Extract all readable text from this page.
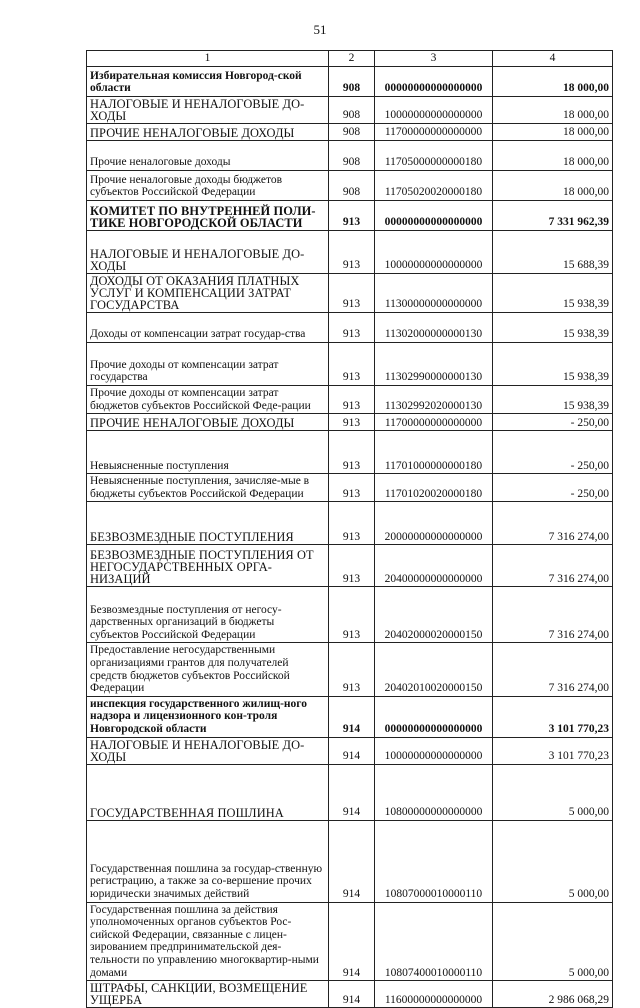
51
1	2	3	4
Избирательная комиссия Новгород-ской области	908	00000000000000000	18 000,00
НАЛОГОВЫЕ И НЕНАЛОГОВЫЕ ДО-ХОДЫ	908	10000000000000000	18 000,00
ПРОЧИЕ НЕНАЛОГОВЫЕ ДОХОДЫ	908	11700000000000000	18 000,00
Прочие неналоговые доходы	908	11705000000000180	18 000,00
Прочие неналоговые доходы бюджетов субъектов Российской Федерации	908	11705020020000180	18 000,00
КОМИТЕТ ПО ВНУТРЕННЕЙ ПОЛИ-ТИКЕ НОВГОРОДСКОЙ ОБЛАСТИ	913	00000000000000000	7 331 962,39
НАЛОГОВЫЕ И НЕНАЛОГОВЫЕ ДО-ХОДЫ	913	10000000000000000	15 688,39
ДОХОДЫ ОТ ОКАЗАНИЯ ПЛАТНЫХ УСЛУГ И КОМПЕНСАЦИИ ЗАТРАТ ГОСУДАРСТВА	913	11300000000000000	15 938,39
Доходы от компенсации затрат государ-ства	913	11302000000000130	15 938,39
Прочие доходы от компенсации затрат государства	913	11302990000000130	15 938,39
Прочие доходы от компенсации затрат бюджетов субъектов Российской Феде-рации	913	11302992020000130	15 938,39
ПРОЧИЕ НЕНАЛОГОВЫЕ ДОХОДЫ	913	11700000000000000	- 250,00
Невыясненные поступления	913	11701000000000180	- 250,00
Невыясненные поступления, зачисляе-мые в бюджеты субъектов Российской Федерации	913	11701020020000180	- 250,00
БЕЗВОЗМЕЗДНЫЕ ПОСТУПЛЕНИЯ	913	20000000000000000	7 316 274,00
БЕЗВОЗМЕЗДНЫЕ ПОСТУПЛЕНИЯ ОТ НЕГОСУДАРСТВЕННЫХ ОРГА-НИЗАЦИЙ	913	20400000000000000	7 316 274,00
Безвозмездные поступления от негосу-дарственных организаций в бюджеты субъектов Российской Федерации	913	20402000020000150	7 316 274,00
Предоставление негосударственными организациями грантов для получателей средств бюджетов субъектов Российской Федерации	913	20402010020000150	7 316 274,00
инспекция государственного жилищ-ного надзора и лицензионного кон-троля Новгородской области	914	00000000000000000	3 101 770,23
НАЛОГОВЫЕ И НЕНАЛОГОВЫЕ ДО-ХОДЫ	914	10000000000000000	3 101 770,23
ГОСУДАРСТВЕННАЯ ПОШЛИНА	914	10800000000000000	5 000,00
Государственная пошлина за государ-ственную регистрацию, а также за со-вершение прочих юридически значимых действий	914	10807000010000110	5 000,00
Государственная пошлина за действия уполномоченных органов субъектов Рос-сийской Федерации, связанные с лицен-зированием предпринимательской дея-тельности по управлению многоквартир-ными домами	914	10807400010000110	5 000,00
ШТРАФЫ, САНКЦИИ, ВОЗМЕЩЕНИЕ УЩЕРБА	914	11600000000000000	2 986 068,29
